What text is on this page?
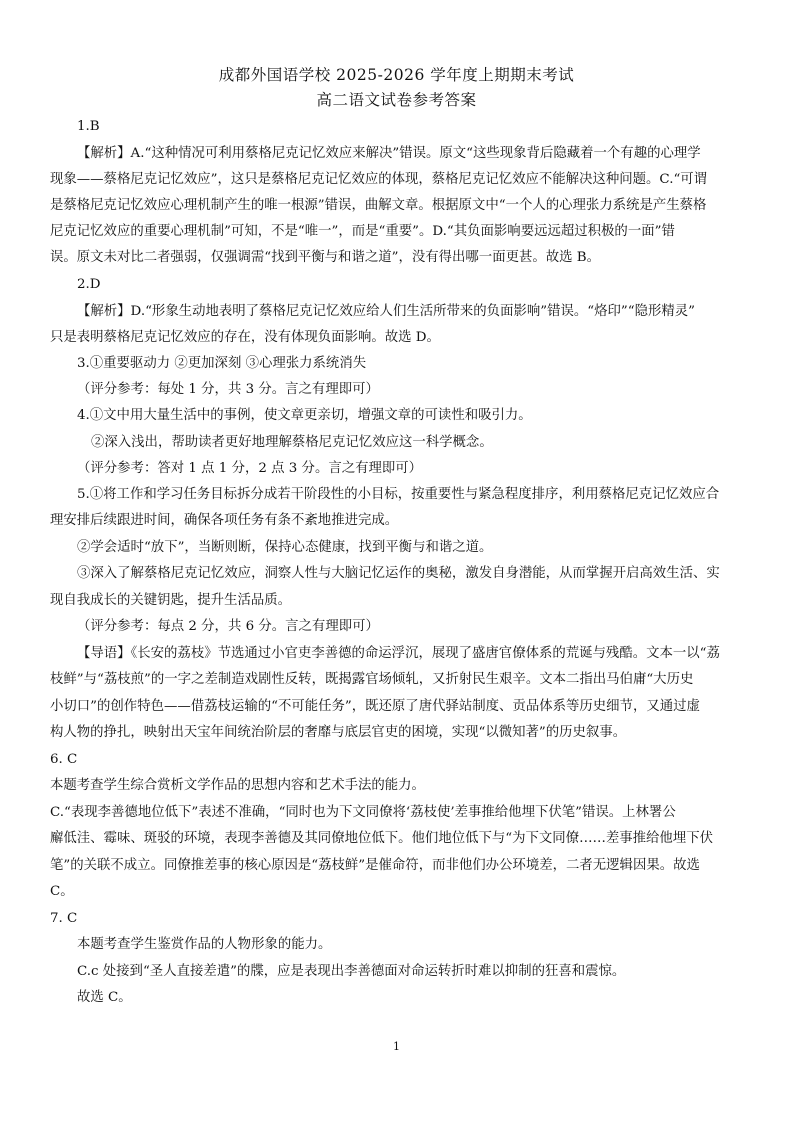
成都外国语学校 2025-2026 学年度上期期末考试
高二语文试卷参考答案
1.B
【解析】A.“这种情况可利用蔡格尼克记忆效应来解决”错误。原文“这些现象背后隐藏着一个有趣的心理学
现象——蔡格尼克记忆效应”，这只是蔡格尼克记忆效应的体现，蔡格尼克记忆效应不能解决这种问题。C.“可谓
是蔡格尼克记忆效应心理机制产生的唯一根源”错误，曲解文章。根据原文中“一个人的心理张力系统是产生蔡格
尼克记忆效应的重要心理机制”可知，不是“唯一”，而是“重要”。D.“其负面影响要远远超过积极的一面”错
误。原文未对比二者强弱，仅强调需“找到平衡与和谐之道”，没有得出哪一面更甚。故选 B。
2.D
【解析】D.“形象生动地表明了蔡格尼克记忆效应给人们生活所带来的负面影响”错误。“烙印”“隐形精灵”
只是表明蔡格尼克记忆效应的存在，没有体现负面影响。故选 D。
3.①重要驱动力 ②更加深刻 ③心理张力系统消失
（评分参考：每处 1 分，共 3 分。言之有理即可）
4.①文中用大量生活中的事例，使文章更亲切，增强文章的可读性和吸引力。
②深入浅出，帮助读者更好地理解蔡格尼克记忆效应这一科学概念。
（评分参考：答对 1 点 1 分，2 点 3 分。言之有理即可）
5.①将工作和学习任务目标拆分成若干阶段性的小目标，按重要性与紧急程度排序，利用蔡格尼克记忆效应合
理安排后续跟进时间，确保各项任务有条不紊地推进完成。
②学会适时“放下”，当断则断，保持心态健康，找到平衡与和谐之道。
③深入了解蔡格尼克记忆效应，洞察人性与大脑记忆运作的奥秘，激发自身潜能，从而掌握开启高效生活、实
现自我成长的关键钥匙，提升生活品质。
（评分参考：每点 2 分，共 6 分。言之有理即可）
【导语】《长安的荔枝》节选通过小官吏李善德的命运浮沉，展现了盛唐官僚体系的荒诞与残酷。文本一以“荔
枝鲜”与“荔枝煎”的一字之差制造戏剧性反转，既揭露官场倾轧，又折射民生艰辛。文本二指出马伯庸“大历史
小切口”的创作特色——借荔枝运输的“不可能任务”，既还原了唐代驿站制度、贡品体系等历史细节，又通过虚
构人物的挣扎，映射出天宝年间统治阶层的奢靡与底层官吏的困境，实现“以微知著”的历史叙事。
6. C
本题考查学生综合赏析文学作品的思想内容和艺术手法的能力。
C.“表现李善德地位低下”表述不准确，“同时也为下文同僚将‘荔枝使’差事推给他埋下伏笔”错误。上林署公
廨低洼、霉味、斑驳的环境，表现李善德及其同僚地位低下。他们地位低下与“为下文同僚……差事推给他埋下伏
笔”的关联不成立。同僚推差事的核心原因是“荔枝鲜”是催命符，而非他们办公环境差，二者无逻辑因果。故选
C。
7. C
本题考查学生鉴赏作品的人物形象的能力。
C.c 处接到“圣人直接差遣”的牒，应是表现出李善德面对命运转折时难以抑制的狂喜和震惊。
故选 C。
1
